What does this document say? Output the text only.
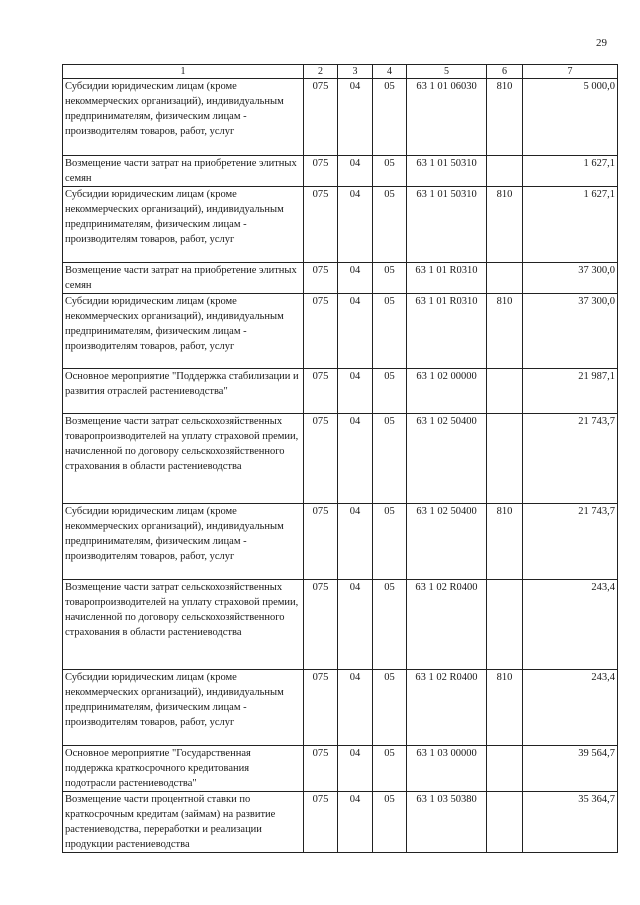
29
1	2	3	4	5	6	7
Субсидии юридическим лицам (кроме некоммерческих организаций), индивидуальным предпринимателям, физическим лицам - производителям товаров, работ, услуг	075	04	05	63 1 01 06030	810	5 000,0
Возмещение части затрат на приобретение элитных семян	075	04	05	63 1 01 50310		1 627,1
Субсидии юридическим лицам (кроме некоммерческих организаций), индивидуальным предпринимателям, физическим лицам - производителям товаров, работ, услуг	075	04	05	63 1 01 50310	810	1 627,1
Возмещение части затрат на приобретение элитных семян	075	04	05	63 1 01 R0310		37 300,0
Субсидии юридическим лицам (кроме некоммерческих организаций), индивидуальным предпринимателям, физическим лицам - производителям товаров, работ, услуг	075	04	05	63 1 01 R0310	810	37 300,0
Основное мероприятие "Поддержка стабилизации и развития отраслей растениеводства"	075	04	05	63 1 02 00000		21 987,1
Возмещение части затрат сельскохозяйственных товаропроизводителей на уплату страховой премии, начисленной по договору сельскохозяйственного страхования в области растениеводства	075	04	05	63 1 02 50400		21 743,7
Субсидии юридическим лицам (кроме некоммерческих организаций), индивидуальным предпринимателям, физическим лицам - производителям товаров, работ, услуг	075	04	05	63 1 02 50400	810	21 743,7
Возмещение части затрат сельскохозяйственных товаропроизводителей на уплату страховой премии, начисленной по договору сельскохозяйственного страхования в области растениеводства	075	04	05	63 1 02 R0400		243,4
Субсидии юридическим лицам (кроме некоммерческих организаций), индивидуальным предпринимателям, физическим лицам - производителям товаров, работ, услуг	075	04	05	63 1 02 R0400	810	243,4
Основное мероприятие "Государственная поддержка краткосрочного кредитования подотрасли растениеводства"	075	04	05	63 1 03 00000		39 564,7
Возмещение части процентной ставки по краткосрочным кредитам (займам) на развитие растениеводства, переработки и реализации продукции растениеводства	075	04	05	63 1 03 50380		35 364,7
